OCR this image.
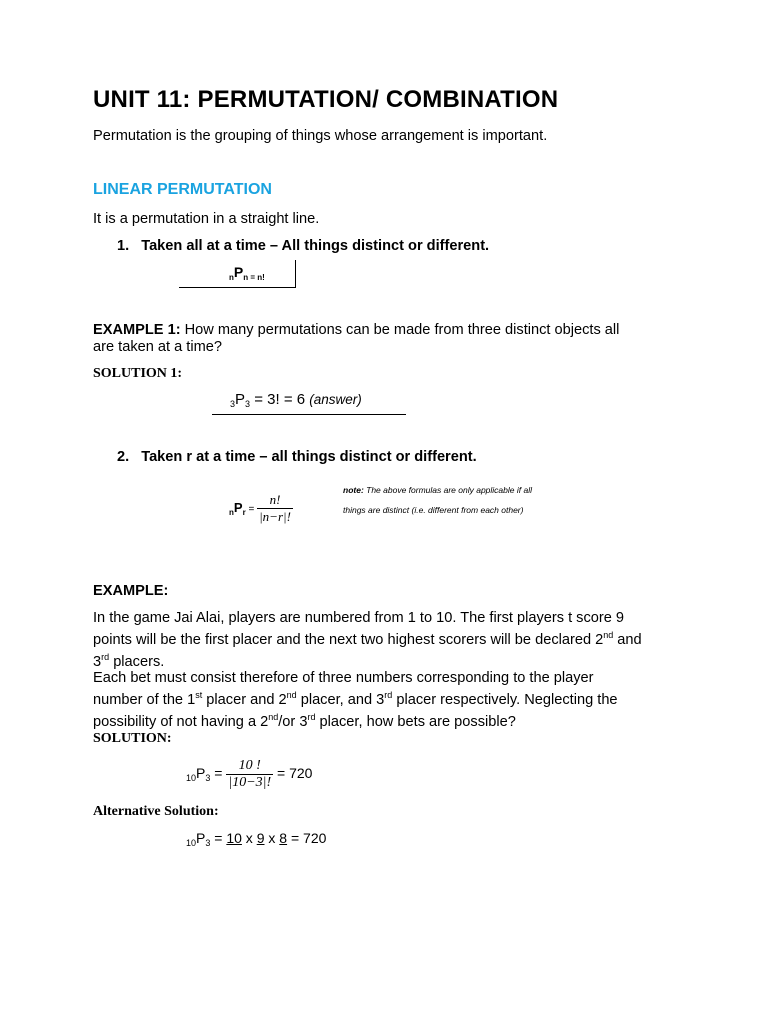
UNIT 11: PERMUTATION/ COMBINATION
Permutation is the grouping of things whose arrangement is important.
LINEAR PERMUTATION
It is a permutation in a straight line.
1. Taken all at a time – All things distinct or different.
$_nP_{n = n!}$
EXAMPLE 1: How many permutations can be made from three distinct objects all
are taken at a time?
SOLUTION 1:
$_3P_3 = 3$! = 6 (answer)
2. Taken r at a time – all things distinct or different.
$_nP_r = \frac{n!}{|n-r|!}$
note: The above formulas are only applicable if all
things are distinct (i.e. different from each other)
EXAMPLE:
In the game Jai Alai, players are numbered from 1 to 10. The first players t score 9
points will be the first placer and the next two highest scorers will be declared 2nd and
3rd placers.
Each bet must consist therefore of three numbers corresponding to the player
number of the 1st placer and 2nd placer, and 3rd placer respectively. Neglecting the
possibility of not having a 2nd/or 3rd placer, how bets are possible?
SOLUTION:
$_{10}P_3 = \frac{10 !}{|10-3|!} = 720$
Alternative Solution:
$_{10}P_3 = 10$ x 9 x 8 = 720
